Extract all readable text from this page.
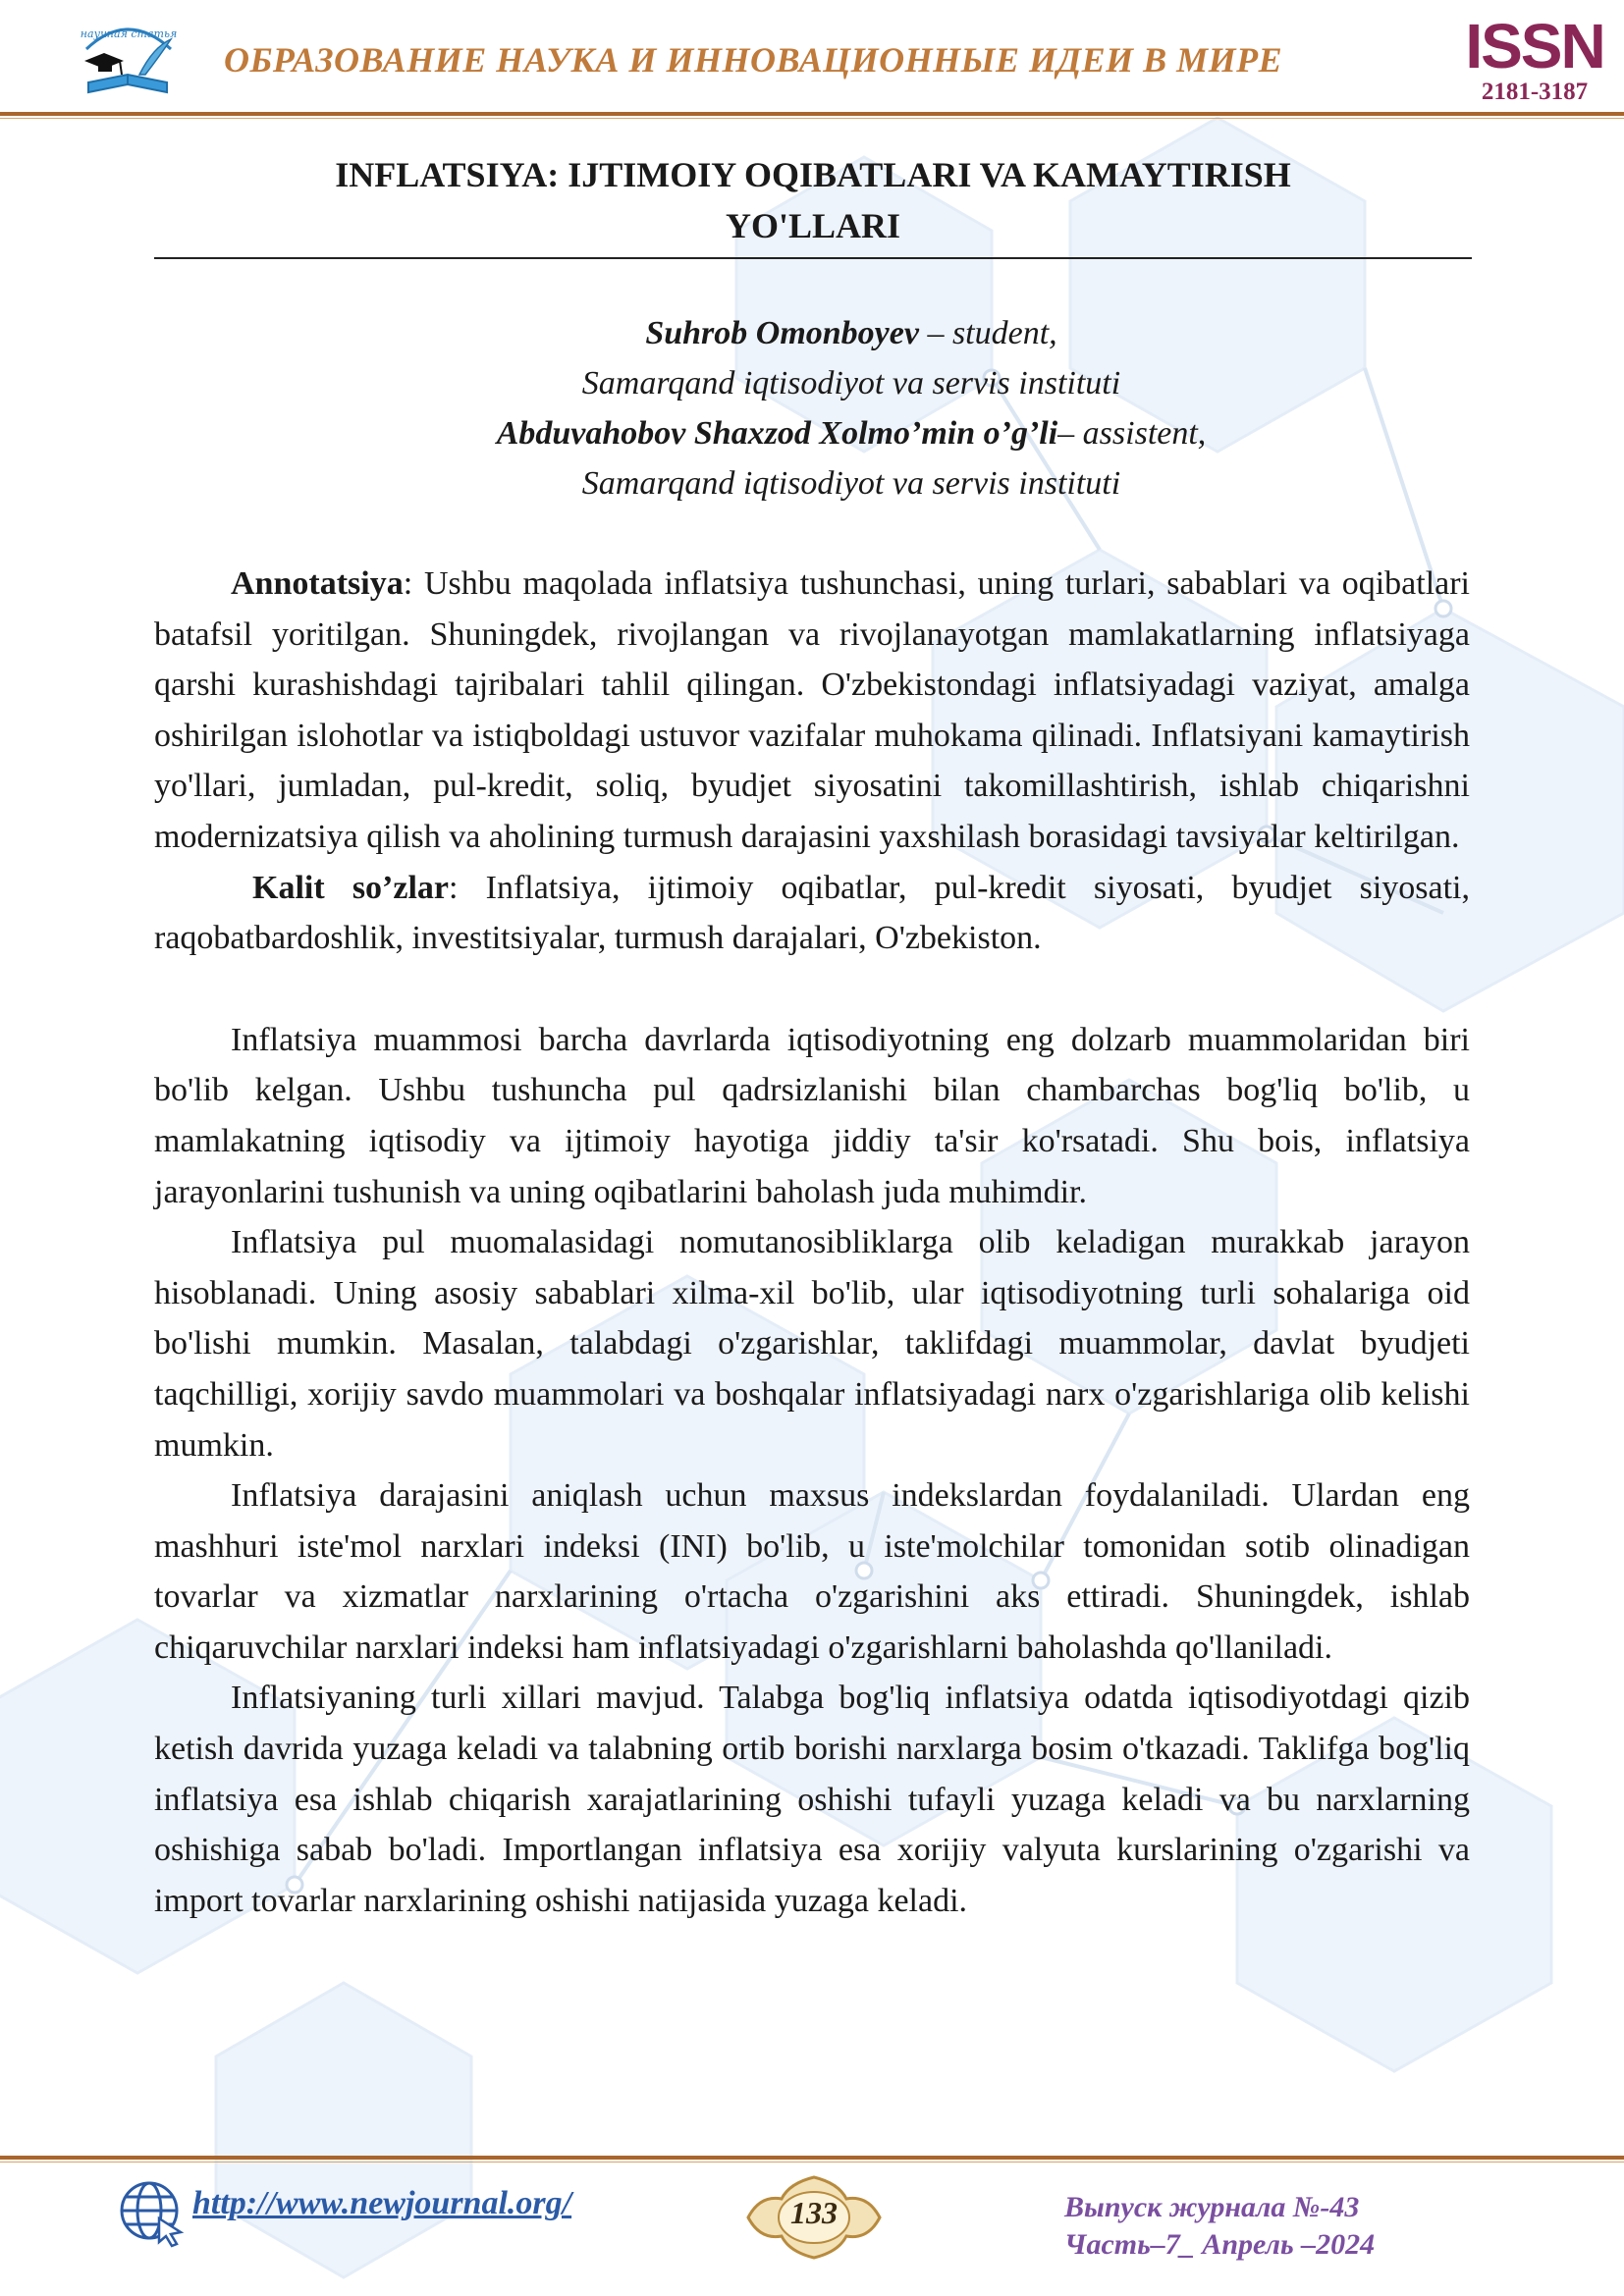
научная статья
ОБРАЗОВАНИЕ НАУКА И ИННОВАЦИОННЫЕ ИДЕИ В МИРЕ	ISSN
2181-3187
INFLATSIYA: IJTIMOIY OQIBATLARI VA KAMAYTIRISH
YO'LLARI
Suhrob Omonboyev – student,
Samarqand iqtisodiyot va servis instituti
Abduvahobov Shaxzod Xolmo’min o’g’li– assistent,
Samarqand iqtisodiyot va servis instituti

Annotatsiya: Ushbu maqolada inflatsiya tushunchasi, uning turlari, sabablari va oqibatlari batafsil yoritilgan. Shuningdek, rivojlangan va rivojlanayotgan mamlakatlarning inflatsiyaga qarshi kurashishdagi tajribalari tahlil qilingan. O'zbekistondagi inflatsiyadagi vaziyat, amalga oshirilgan islohotlar va istiqboldagi ustuvor vazifalar muhokama qilinadi. Inflatsiyani kamaytirish yo'llari, jumladan, pul-kredit, soliq, byudjet siyosatini takomillashtirish, ishlab chiqarishni modernizatsiya qilish va aholining turmush darajasini yaxshilash borasidagi tavsiyalar keltirilgan.

Kalit so’zlar: Inflatsiya, ijtimoiy oqibatlar, pul-kredit siyosati, byudjet siyosati, raqobatbardoshlik, investitsiyalar, turmush darajalari, O'zbekiston.

Inflatsiya muammosi barcha davrlarda iqtisodiyotning eng dolzarb muammolaridan biri bo'lib kelgan. Ushbu tushuncha pul qadrsizlanishi bilan chambarchas bog'liq bo'lib, u mamlakatning iqtisodiy va ijtimoiy hayotiga jiddiy ta'sir ko'rsatadi. Shu bois, inflatsiya jarayonlarini tushunish va uning oqibatlarini baholash juda muhimdir.

Inflatsiya pul muomalasidagi nomutanosibliklarga olib keladigan murakkab jarayon hisoblanadi. Uning asosiy sabablari xilma-xil bo'lib, ular iqtisodiyotning turli sohalariga oid bo'lishi mumkin. Masalan, talabdagi o'zgarishlar, taklifdagi muammolar, davlat byudjeti taqchilligi, xorijiy savdo muammolari va boshqalar inflatsiyadagi narx o'zgarishlariga olib kelishi mumkin.

Inflatsiya darajasini aniqlash uchun maxsus indekslardan foydalaniladi. Ulardan eng mashhuri iste'mol narxlari indeksi (INI) bo'lib, u iste'molchilar tomonidan sotib olinadigan tovarlar va xizmatlar narxlarining o'rtacha o'zgarishini aks ettiradi. Shuningdek, ishlab chiqaruvchilar narxlari indeksi ham inflatsiyadagi o'zgarishlarni baholashda qo'llaniladi.

Inflatsiyaning turli xillari mavjud. Talabga bog'liq inflatsiya odatda iqtisodiyotdagi qizib ketish davrida yuzaga keladi va talabning ortib borishi narxlarga bosim o'tkazadi. Taklifga bog'liq inflatsiya esa ishlab chiqarish xarajatlarining oshishi tufayli yuzaga keladi va bu narxlarning oshishiga sabab bo'ladi. Importlangan inflatsiya esa xorijiy valyuta kurslarining o'zgarishi va import tovarlar narxlarining oshishi natijasida yuzaga keladi.

http://www.newjournal.org/	133	Выпуск журнала №-43
Часть–7_ Апрель –2024
